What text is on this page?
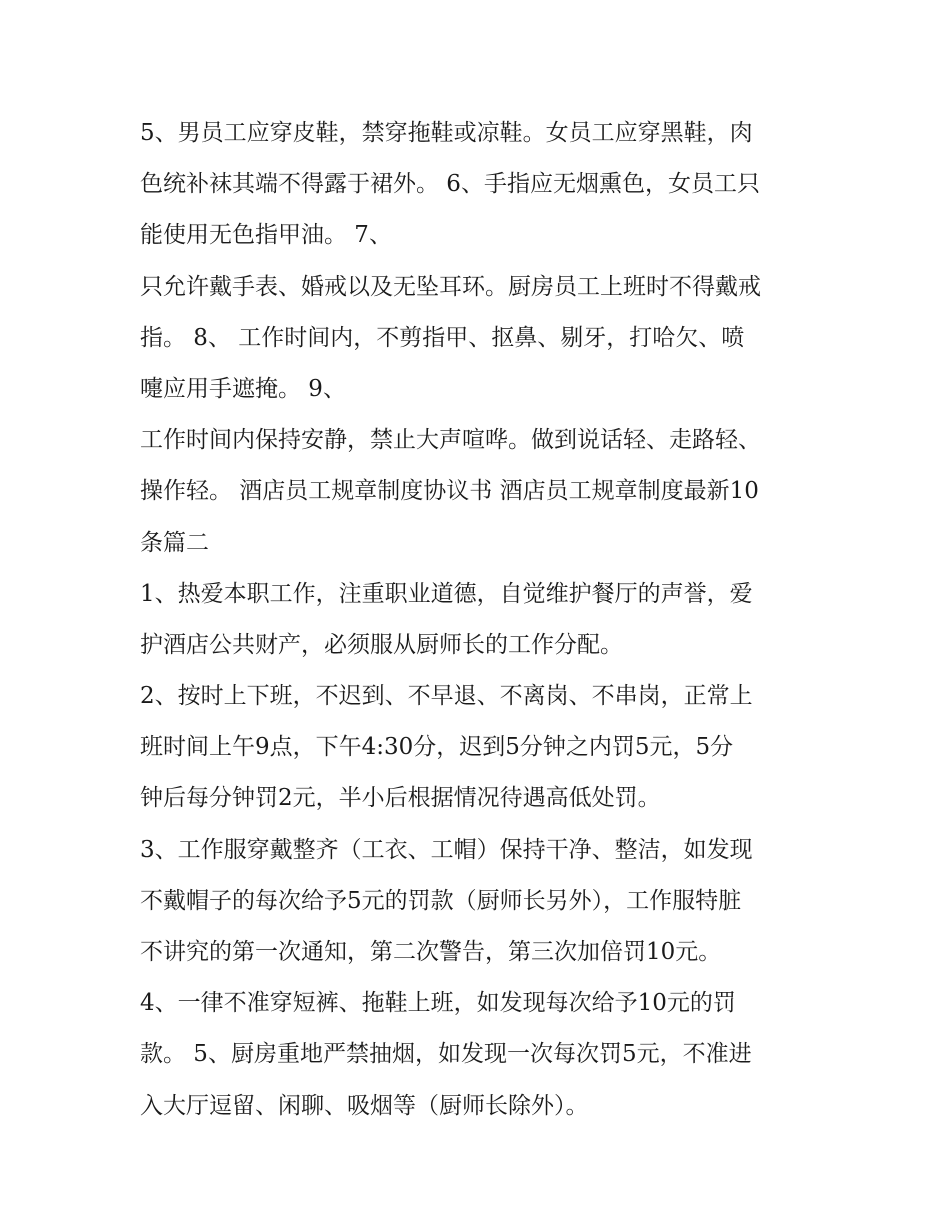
5、男员工应穿皮鞋，禁穿拖鞋或凉鞋。女员工应穿黑鞋，肉
色统补袜其端不得露于裙外。 6、手指应无烟熏色，女员工只
能使用无色指甲油。 7、
只允许戴手表、婚戒以及无坠耳环。厨房员工上班时不得戴戒
指。 8、 工作时间内，不剪指甲、抠鼻、剔牙，打哈欠、喷
嚏应用手遮掩。 9、
工作时间内保持安静，禁止大声喧哗。做到说话轻、走路轻、
操作轻。 酒店员工规章制度协议书 酒店员工规章制度最新10
条篇二
1、热爱本职工作，注重职业道德，自觉维护餐厅的声誉，爱
护酒店公共财产，必须服从厨师长的工作分配。
2、按时上下班，不迟到、不早退、不离岗、不串岗，正常上
班时间上午9点，下午4:30分，迟到5分钟之内罚5元，5分
钟后每分钟罚2元，半小后根据情况待遇高低处罚。
3、工作服穿戴整齐（工衣、工帽）保持干净、整洁，如发现
不戴帽子的每次给予5元的罚款（厨师长另外），工作服特脏
不讲究的第一次通知，第二次警告，第三次加倍罚10元。
4、一律不准穿短裤、拖鞋上班，如发现每次给予10元的罚
款。 5、厨房重地严禁抽烟，如发现一次每次罚5元，不准进
入大厅逗留、闲聊、吸烟等（厨师长除外）。
